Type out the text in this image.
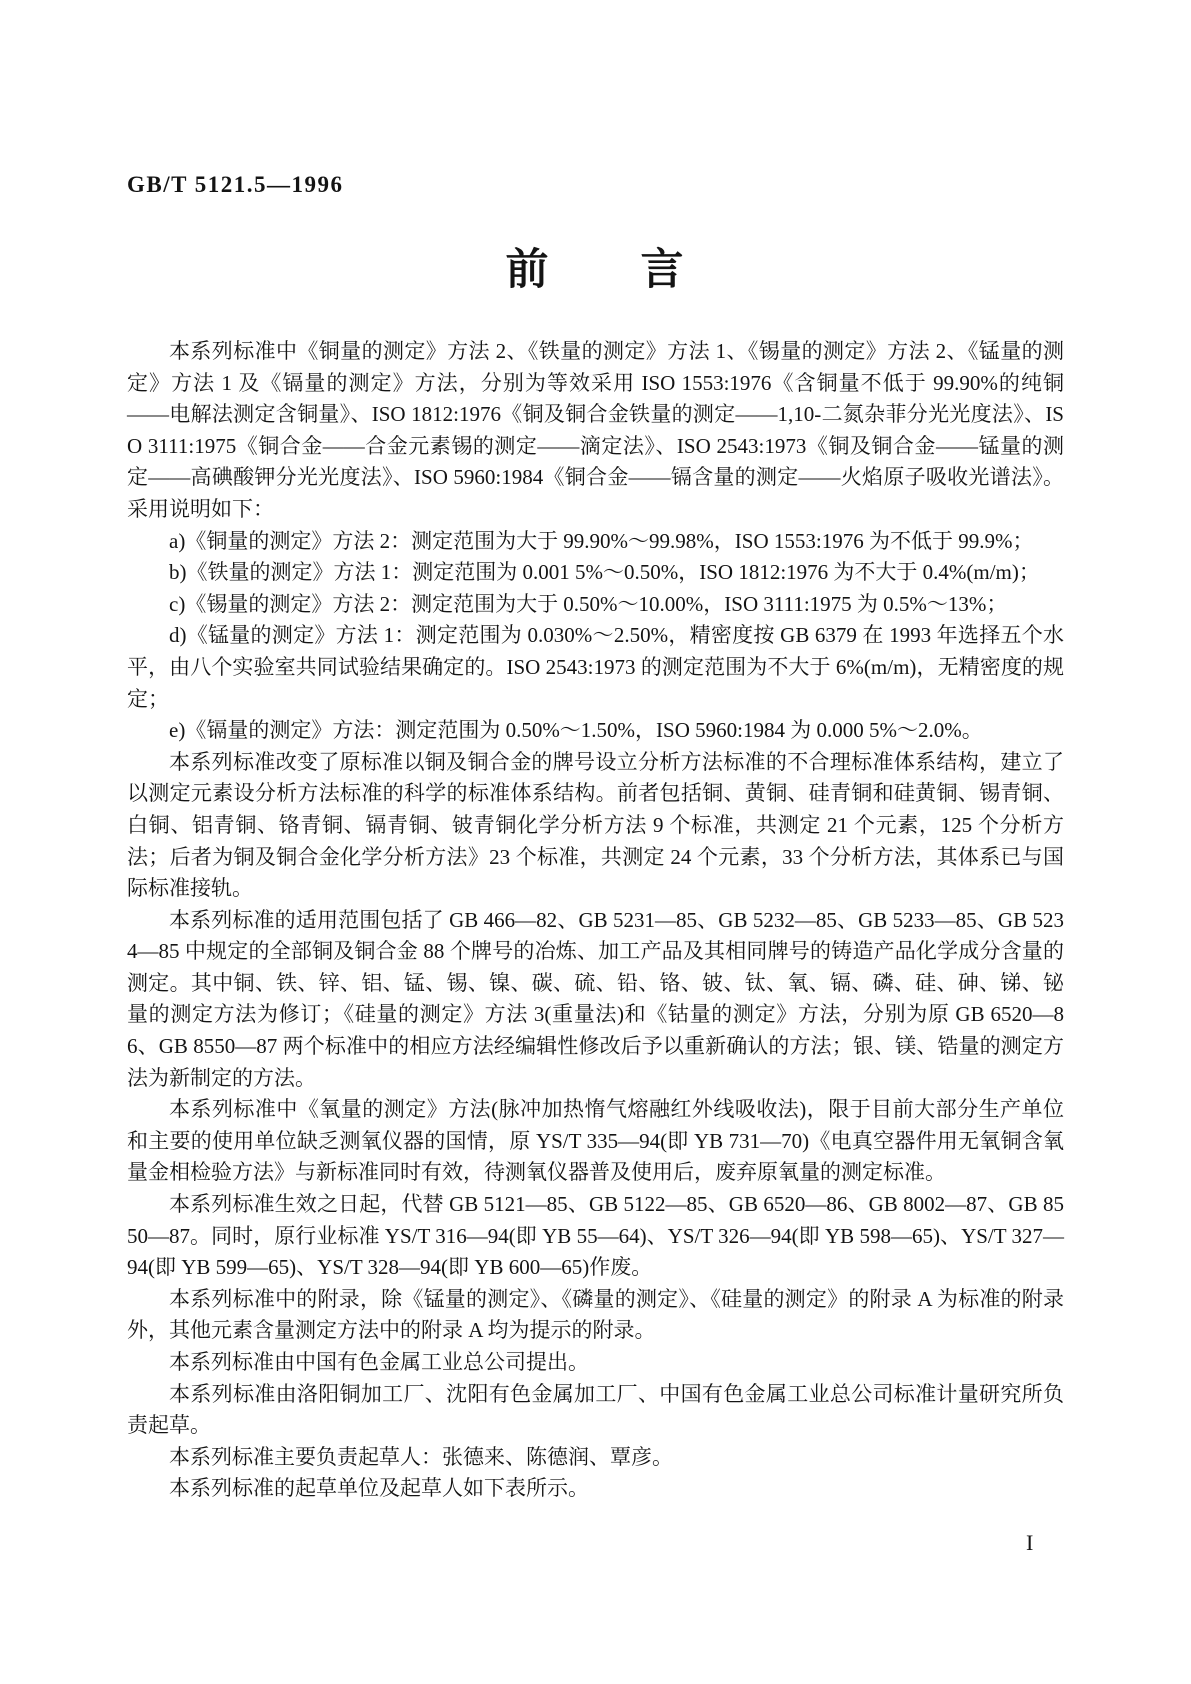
GB/T 5121.5—1996
前　　言

本系列标准中《铜量的测定》方法 2、《铁量的测定》方法 1、《锡量的测定》方法 2、《锰量的测定》方法 1 及《镉量的测定》方法，分别为等效采用 ISO 1553:1976《含铜量不低于 99.90%的纯铜——电解法测定含铜量》、ISO 1812:1976《铜及铜合金铁量的测定——1,10-二氮杂菲分光光度法》、ISO 3111:1975《铜合金——合金元素锡的测定——滴定法》、ISO 2543:1973《铜及铜合金——锰量的测定——高碘酸钾分光光度法》、ISO 5960:1984《铜合金——镉含量的测定——火焰原子吸收光谱法》。采用说明如下：

a)《铜量的测定》方法 2：测定范围为大于 99.90%～99.98%，ISO 1553:1976 为不低于 99.9%；

b)《铁量的测定》方法 1：测定范围为 0.001 5%～0.50%，ISO 1812:1976 为不大于 0.4%(m/m)；

c)《锡量的测定》方法 2：测定范围为大于 0.50%～10.00%，ISO 3111:1975 为 0.5%～13%；

d)《锰量的测定》方法 1：测定范围为 0.030%～2.50%，精密度按 GB 6379 在 1993 年选择五个水平，由八个实验室共同试验结果确定的。ISO 2543:1973 的测定范围为不大于 6%(m/m)，无精密度的规定；

e)《镉量的测定》方法：测定范围为 0.50%～1.50%，ISO 5960:1984 为 0.000 5%～2.0%。

本系列标准改变了原标准以铜及铜合金的牌号设立分析方法标准的不合理标准体系结构，建立了以测定元素设分析方法标准的科学的标准体系结构。前者包括铜、黄铜、硅青铜和硅黄铜、锡青铜、白铜、铝青铜、铬青铜、镉青铜、铍青铜化学分析方法 9 个标准，共测定 21 个元素，125 个分析方法；后者为铜及铜合金化学分析方法》23 个标准，共测定 24 个元素，33 个分析方法，其体系已与国际标准接轨。

本系列标准的适用范围包括了 GB 466—82、GB 5231—85、GB 5232—85、GB 5233—85、GB 5234—85 中规定的全部铜及铜合金 88 个牌号的冶炼、加工产品及其相同牌号的铸造产品化学成分含量的测定。其中铜、铁、锌、铝、锰、锡、镍、碳、硫、铅、铬、铍、钛、氧、镉、磷、硅、砷、锑、铋量的测定方法为修订；《硅量的测定》方法 3(重量法)和《钴量的测定》方法，分别为原 GB 6520—86、GB 8550—87 两个标准中的相应方法经编辑性修改后予以重新确认的方法；银、镁、锆量的测定方法为新制定的方法。

本系列标准中《氧量的测定》方法(脉冲加热惰气熔融红外线吸收法)，限于目前大部分生产单位和主要的使用单位缺乏测氧仪器的国情，原 YS/T 335—94(即 YB 731—70)《电真空器件用无氧铜含氧量金相检验方法》与新标准同时有效，待测氧仪器普及使用后，废弃原氧量的测定标准。

本系列标准生效之日起，代替 GB 5121—85、GB 5122—85、GB 6520—86、GB 8002—87、GB 8550—87。同时，原行业标准 YS/T 316—94(即 YB 55—64)、YS/T 326—94(即 YB 598—65)、YS/T 327—94(即 YB 599—65)、YS/T 328—94(即 YB 600—65)作废。

本系列标准中的附录，除《锰量的测定》、《磷量的测定》、《硅量的测定》的附录 A 为标准的附录外，其他元素含量测定方法中的附录 A 均为提示的附录。

本系列标准由中国有色金属工业总公司提出。

本系列标准由洛阳铜加工厂、沈阳有色金属加工厂、中国有色金属工业总公司标准计量研究所负责起草。

本系列标准主要负责起草人：张德来、陈德润、覃彦。

本系列标准的起草单位及起草人如下表所示。

I
